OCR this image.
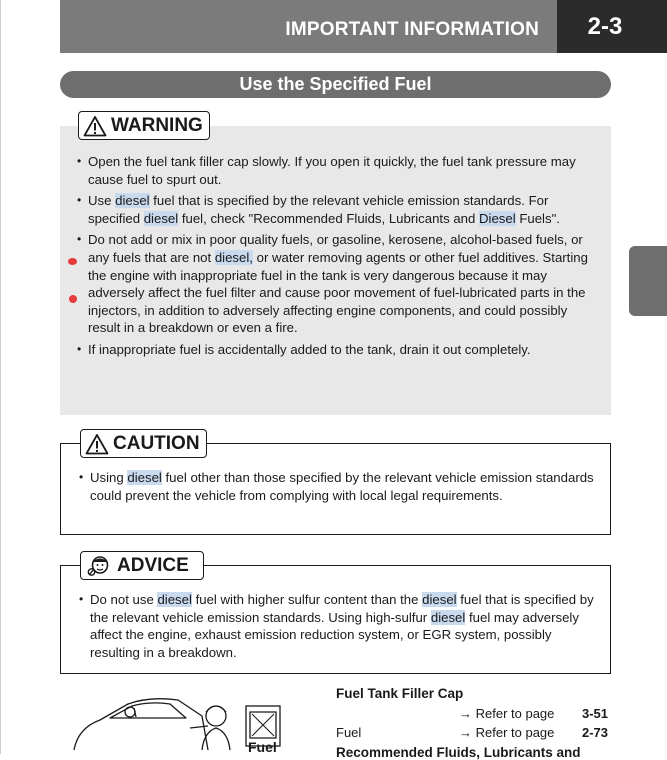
IMPORTANT INFORMATION	2-3
Use the Specified Fuel
WARNING
• Open the fuel tank filler cap slowly. If you open it quickly, the fuel tank pressure may cause fuel to spurt out.
• Use diesel fuel that is specified by the relevant vehicle emission standards. For specified diesel fuel, check "Recommended Fluids, Lubricants and Diesel Fuels".
• Do not add or mix in poor quality fuels, or gasoline, kerosene, alcohol-based fuels, or any fuels that are not diesel, or water removing agents or other fuel additives. Starting the engine with inappropriate fuel in the tank is very dangerous because it may adversely affect the fuel filter and cause poor movement of fuel-lubricated parts in the injectors, in addition to adversely affecting engine components, and could possibly result in a breakdown or even a fire.
• If inappropriate fuel is accidentally added to the tank, drain it out completely.
CAUTION
• Using diesel fuel other than those specified by the relevant vehicle emission standards could prevent the vehicle from complying with local legal requirements.
ADVICE
• Do not use diesel fuel with higher sulfur content than the diesel fuel that is specified by the relevant vehicle emission standards. Using high-sulfur diesel fuel may adversely affect the engine, exhaust emission reduction system, or EGR system, possibly resulting in a breakdown.
Fuel
Fuel Tank Filler Cap
→ Refer to page 3-51
Fuel	→ Refer to page 2-73
Recommended Fluids, Lubricants and
